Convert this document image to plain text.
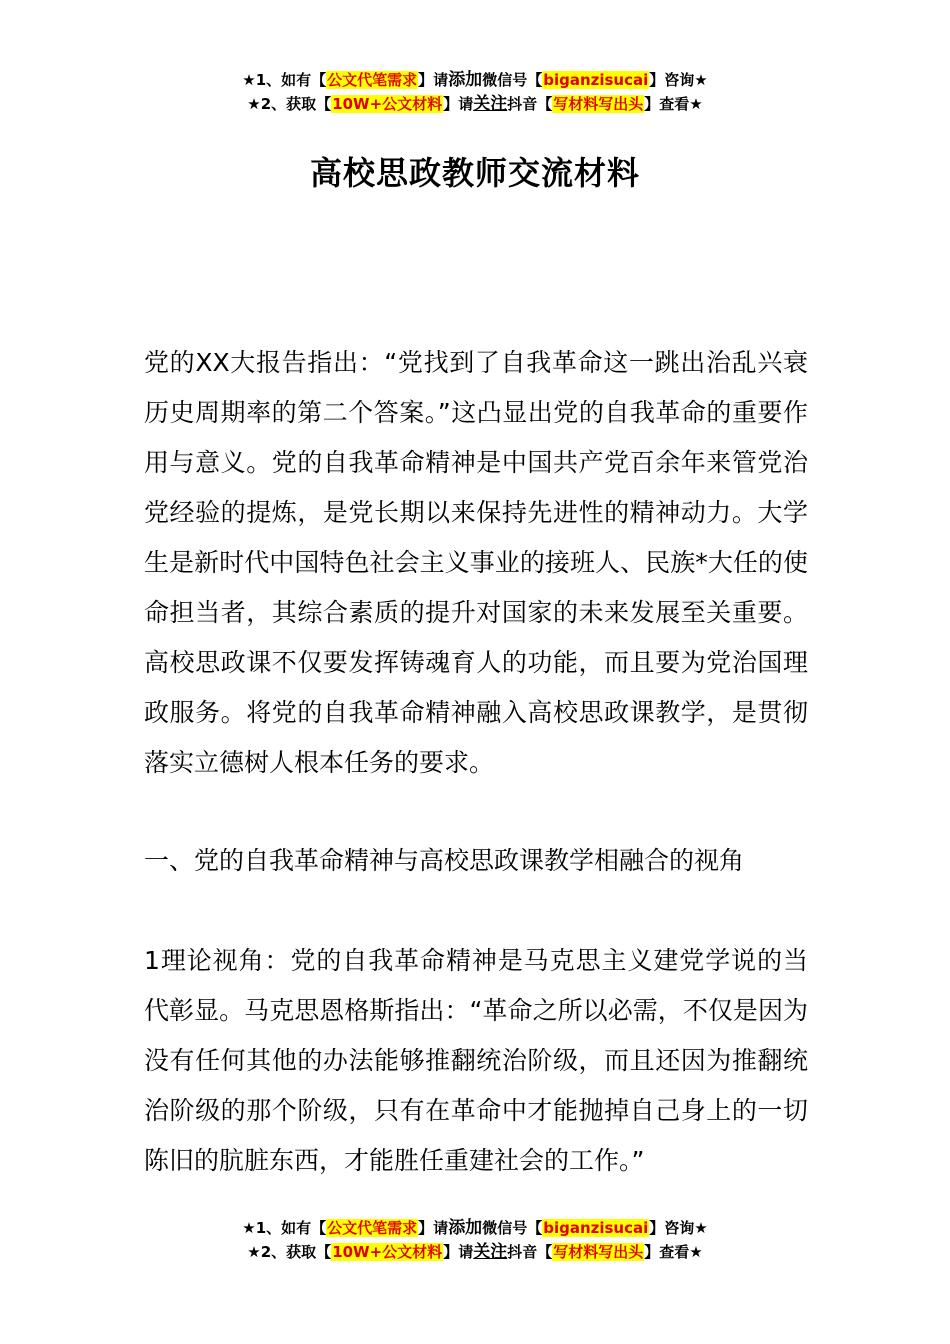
★1、如有【公文代笔需求】请添加微信号【biganzisucai】咨询★
★2、获取【10W+公文材料】请关注抖音【写材料写出头】查看★
高校思政教师交流材料

党的XX大报告指出：“党找到了自我革命这一跳出治乱兴衰历史周期率的第二个答案。”这凸显出党的自我革命的重要作用与意义。党的自我革命精神是中国共产党百余年来管党治党经验的提炼，是党长期以来保持先进性的精神动力。大学生是新时代中国特色社会主义事业的接班人、民族*大任的使命担当者，其综合素质的提升对国家的未来发展至关重要。高校思政课不仅要发挥铸魂育人的功能，而且要为党治国理政服务。将党的自我革命精神融入高校思政课教学，是贯彻落实立德树人根本任务的要求。

一、党的自我革命精神与高校思政课教学相融合的视角

1理论视角：党的自我革命精神是马克思主义建党学说的当代彰显。马克思恩格斯指出：“革命之所以必需，不仅是因为没有任何其他的办法能够推翻统治阶级，而且还因为推翻统治阶级的那个阶级，只有在革命中才能抛掉自己身上的一切陈旧的肮脏东西，才能胜任重建社会的工作。”

★1、如有【公文代笔需求】请添加微信号【biganzisucai】咨询★
★2、获取【10W+公文材料】请关注抖音【写材料写出头】查看★
